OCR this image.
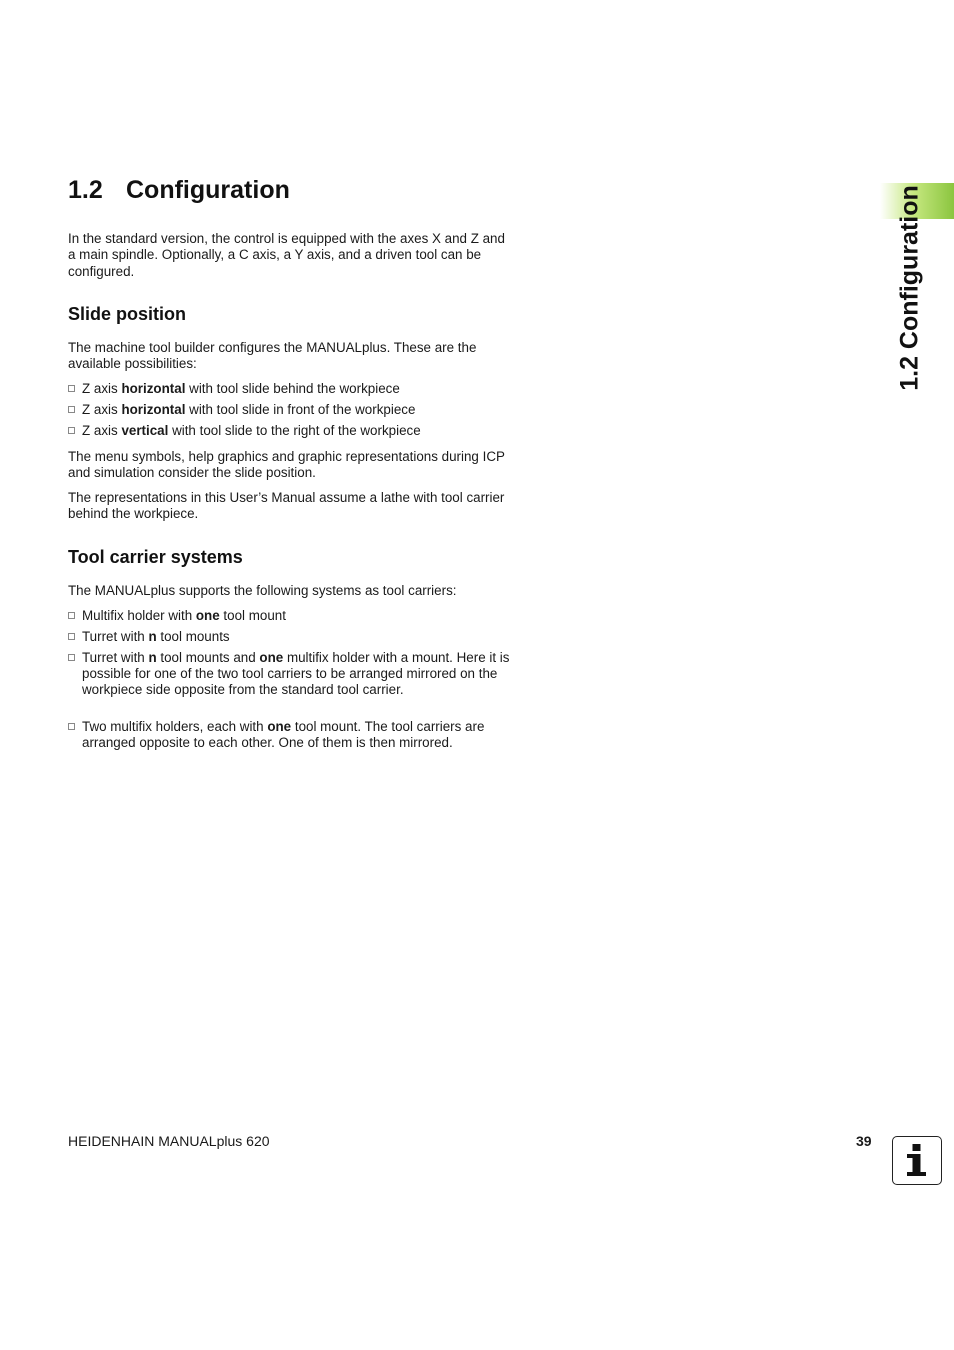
1.2 Configuration

In the standard version, the control is equipped with the axes X and Z and a main spindle. Optionally, a C axis, a Y axis, and a driven tool can be configured.

Slide position

The machine tool builder configures the MANUALplus. These are the available possibilities:

Z axis horizontal with tool slide behind the workpiece
Z axis horizontal with tool slide in front of the workpiece
Z axis vertical with tool slide to the right of the workpiece

The menu symbols, help graphics and graphic representations during ICP and simulation consider the slide position.

The representations in this User’s Manual assume a lathe with tool carrier behind the workpiece.

Tool carrier systems

The MANUALplus supports the following systems as tool carriers:

Multifix holder with one tool mount
Turret with n tool mounts
Turret with n tool mounts and one multifix holder with a mount. Here it is possible for one of the two tool carriers to be arranged mirrored on the workpiece side opposite from the standard tool carrier.
Two multifix holders, each with one tool mount. The tool carriers are arranged opposite to each other. One of them is then mirrored.
1.2 Configuration
HEIDENHAIN MANUALplus 620	39
